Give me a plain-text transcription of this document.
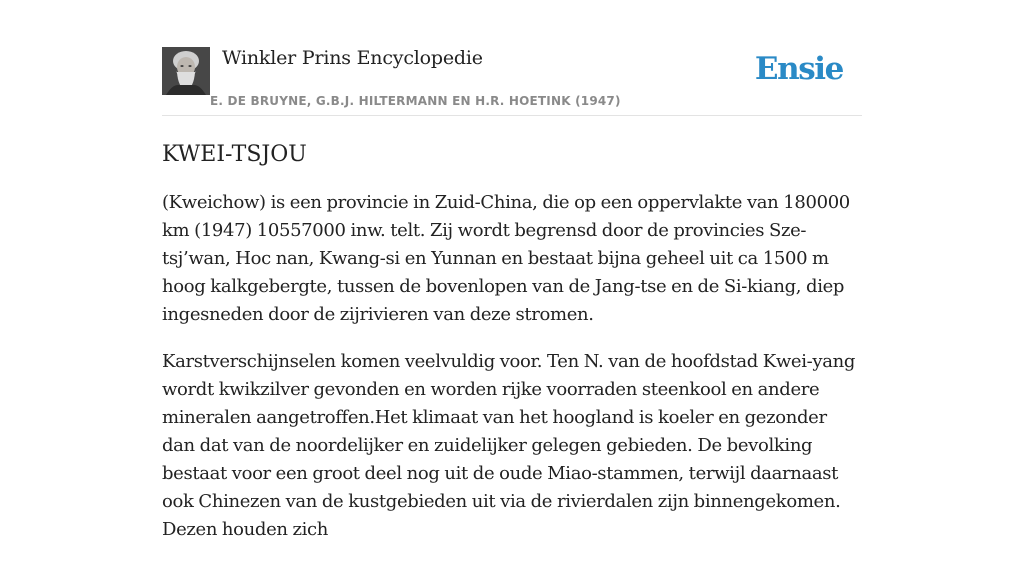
Winkler Prins Encyclopedie
E. DE BRUYNE, G.B.J. HILTERMANN EN H.R. HOETINK (1947)
Ensie
KWEI-TSJOU

(Kweichow) is een provincie in Zuid-China, die op een oppervlakte van 180000 km (1947) 10557000 inw. telt. Zij wordt begrensd door de provincies Sze-tsj’wan, Hoc nan, Kwang-si en Yunnan en bestaat bijna geheel uit ca 1500 m hoog kalkgebergte, tussen de bovenlopen van de Jang-tse en de Si-kiang, diep ingesneden door de zijrivieren van deze stromen.

Karstverschijnselen komen veelvuldig voor. Ten N. van de hoofdstad Kwei-yang wordt kwikzilver gevonden en worden rijke voorraden steenkool en andere mineralen aangetroffen.Het klimaat van het hoogland is koeler en gezonder dan dat van de noordelijker en zuidelijker gelegen gebieden. De bevolking bestaat voor een groot deel nog uit de oude Miao-stammen, terwijl daarnaast ook Chinezen van de kustgebieden uit via de rivierdalen zijn binnengekomen. Dezen houden zich
